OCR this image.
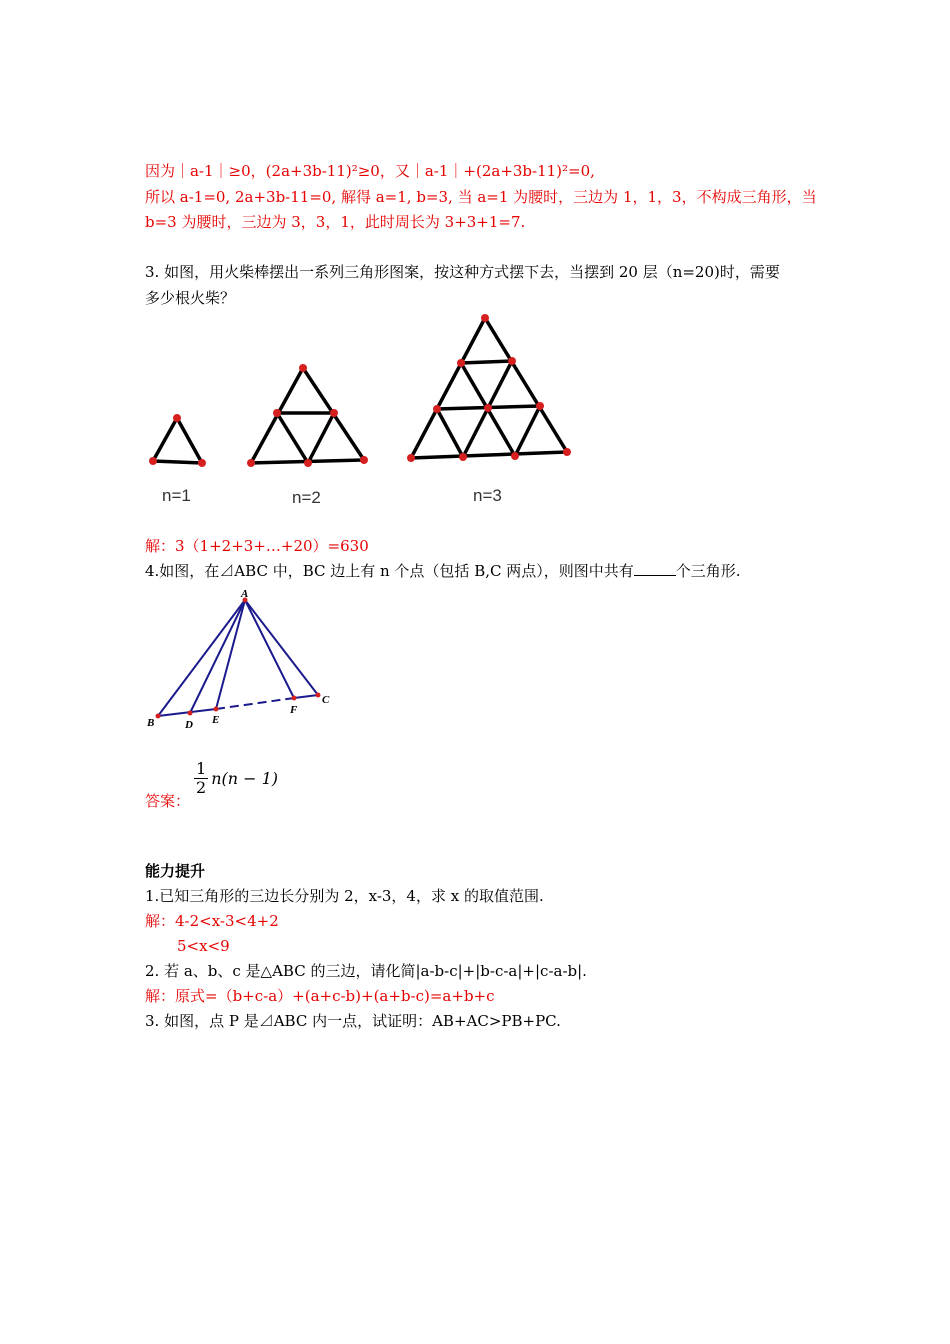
因为｜a-1｜≥0，(2a+3b-11)²≥0，又｜a-1｜+(2a+3b-11)²=0,
所以 a-1=0, 2a+3b-11=0, 解得 a=1, b=3, 当 a=1 为腰时，三边为 1，1，3，不构成三角形，当
b=3 为腰时，三边为 3，3，1，此时周长为 3+3+1=7.
3. 如图，用火柴棒摆出一系列三角形图案，按这种方式摆下去，当摆到 20 层（n=20)时，需要
多少根火柴？
n=1	n=2	n=3
解：3（1+2+3+…+20）=630
4.如图，在⊿ABC 中，BC 边上有 n 个点（包括 B,C 两点），则图中共有	个三角形.
A
B	D E
F
C
答案：
$\frac{1}{2} n(n - 1)$
能力提升
1.已知三角形的三边长分别为 2，x-3，4，求 x 的取值范围.
解：4-2<x-3<4+2
5<x<9
2. 若 a、b、c 是△ABC 的三边，请化简|a-b-c|+|b-c-a|+|c-a-b|.
解：原式=（b+c-a）+(a+c-b)+(a+b-c)=a+b+c
3. 如图，点 P 是⊿ABC 内一点，试证明：AB+AC>PB+PC.
